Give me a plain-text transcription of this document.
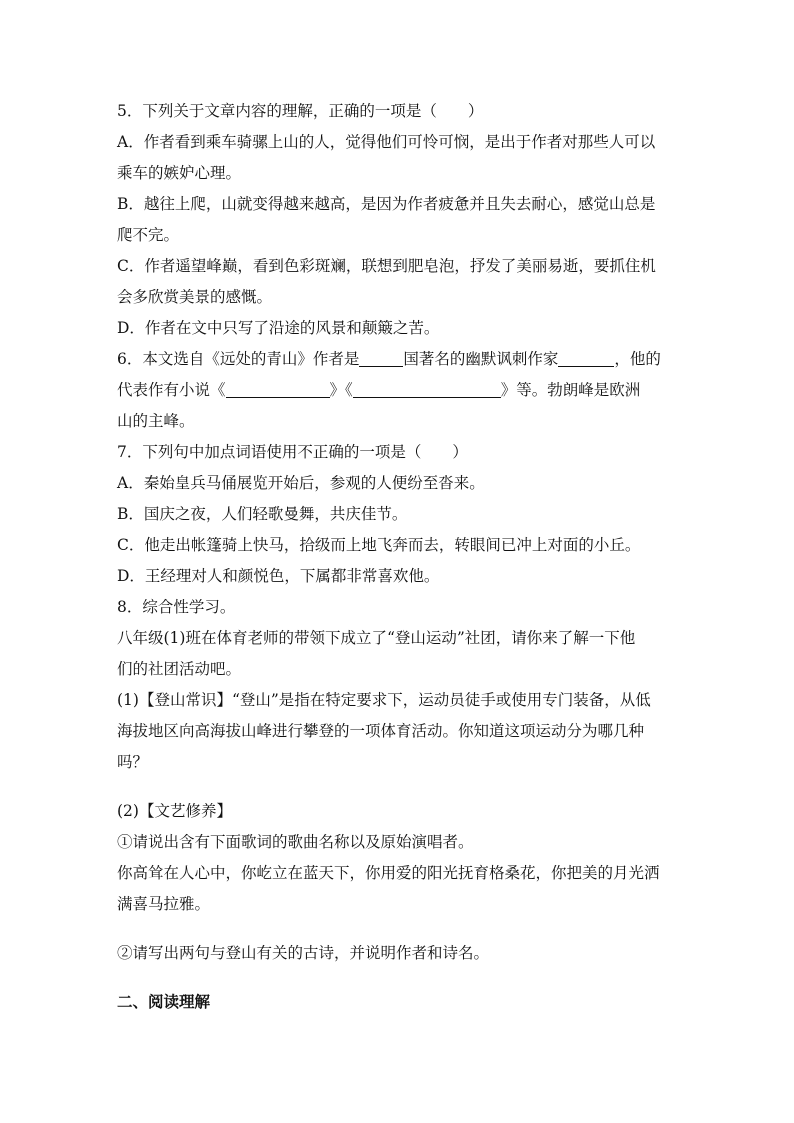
5．下列关于文章内容的理解，正确的一项是（　　）
A．作者看到乘车骑骡上山的人，觉得他们可怜可悯，是出于作者对那些人可以
乘车的嫉妒心理。
B．越往上爬，山就变得越来越高，是因为作者疲惫并且失去耐心，感觉山总是
爬不完。
C．作者遥望峰巅，看到色彩斑斓，联想到肥皂泡，抒发了美丽易逝，要抓住机
会多欣赏美景的感慨。
D．作者在文中只写了沿途的风景和颠簸之苦。
6．本文选自《远处的青山》作者是	国著名的幽默讽刺作家	，他的
代表作有小说《	》《	》等。勃朗峰是欧洲
山的主峰。
7．下列句中加点词语使用不正确的一项是（　　）
A．秦始皇兵马俑展览开始后，参观的人便纷至沓来。
B．国庆之夜，人们轻歌曼舞，共庆佳节。
C．他走出帐篷骑上快马，拾级而上地飞奔而去，转眼间已冲上对面的小丘。
D．王经理对人和颜悦色，下属都非常喜欢他。
8．综合性学习。
八年级(1)班在体育老师的带领下成立了“登山运动”社团，请你来了解一下他
们的社团活动吧。
(1)【登山常识】“登山”是指在特定要求下，运动员徒手或使用专门装备，从低
海拔地区向高海拔山峰进行攀登的一项体育活动。你知道这项运动分为哪几种
吗？
(2)【文艺修养】
①请说出含有下面歌词的歌曲名称以及原始演唱者。
你高耸在人心中，你屹立在蓝天下，你用爱的阳光抚育格桑花，你把美的月光洒
满喜马拉雅。
②请写出两句与登山有关的古诗，并说明作者和诗名。
二、阅读理解
